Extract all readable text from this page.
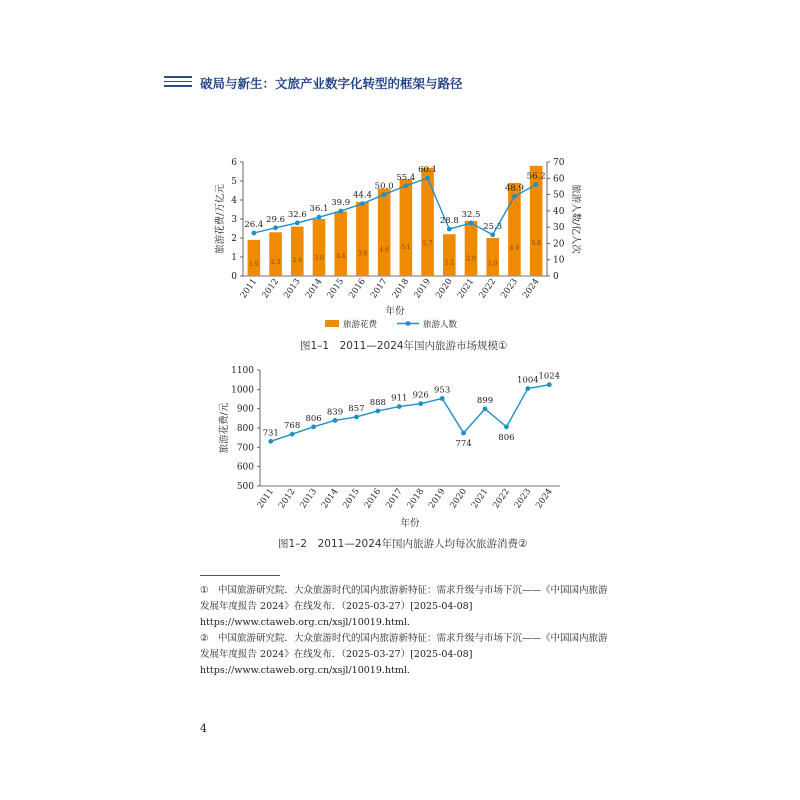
破局与新生：文旅产业数字化转型的框架与路径
0
1
2
3
4
5
6
0
10
20
30
40
50
60
70
旅游花费/万亿元	旅游人数/亿人次
1.9
2011
2.3
2012
2.6
2013
3.0
2014
3.4
2015
3.9
2016
4.6
2017
5.1
2018
5.7
2019
2.2
2020
2.9
2021
2.0
2022
4.9
2023
5.8
2024
26.4
29.6 32.6
36.1
39.9
44.4
50.0
55.4
60.1
28.8
32.5
25.3
48.9
56.2
年份
旅游花费	旅游人数
图1–1　2011—2024年国内旅游市场规模①
500
600
700
800
900
1000
1100
旅游花费/元	731
2011
768
2012
806
2013
839
2014
857
2015
888
2016
911
2017
926
2018
953
2019
774
2020
899
2021
806
2022
1004
2023
1024
2024
年份
图1–2　2011—2024年国内旅游人均每次旅游消费②
① 中国旅游研究院．大众旅游时代的国内旅游新特征：需求升级与市场下沉——《中国国内旅游发展年度报告 2024》在线发布．（2025-03-27）[2025-04-08] https://www.ctaweb.org.cn/xsjl/10019.html.
② 中国旅游研究院．大众旅游时代的国内旅游新特征：需求升级与市场下沉——《中国国内旅游发展年度报告 2024》在线发布．（2025-03-27）[2025-04-08] https://www.ctaweb.org.cn/xsjl/10019.html.
4
